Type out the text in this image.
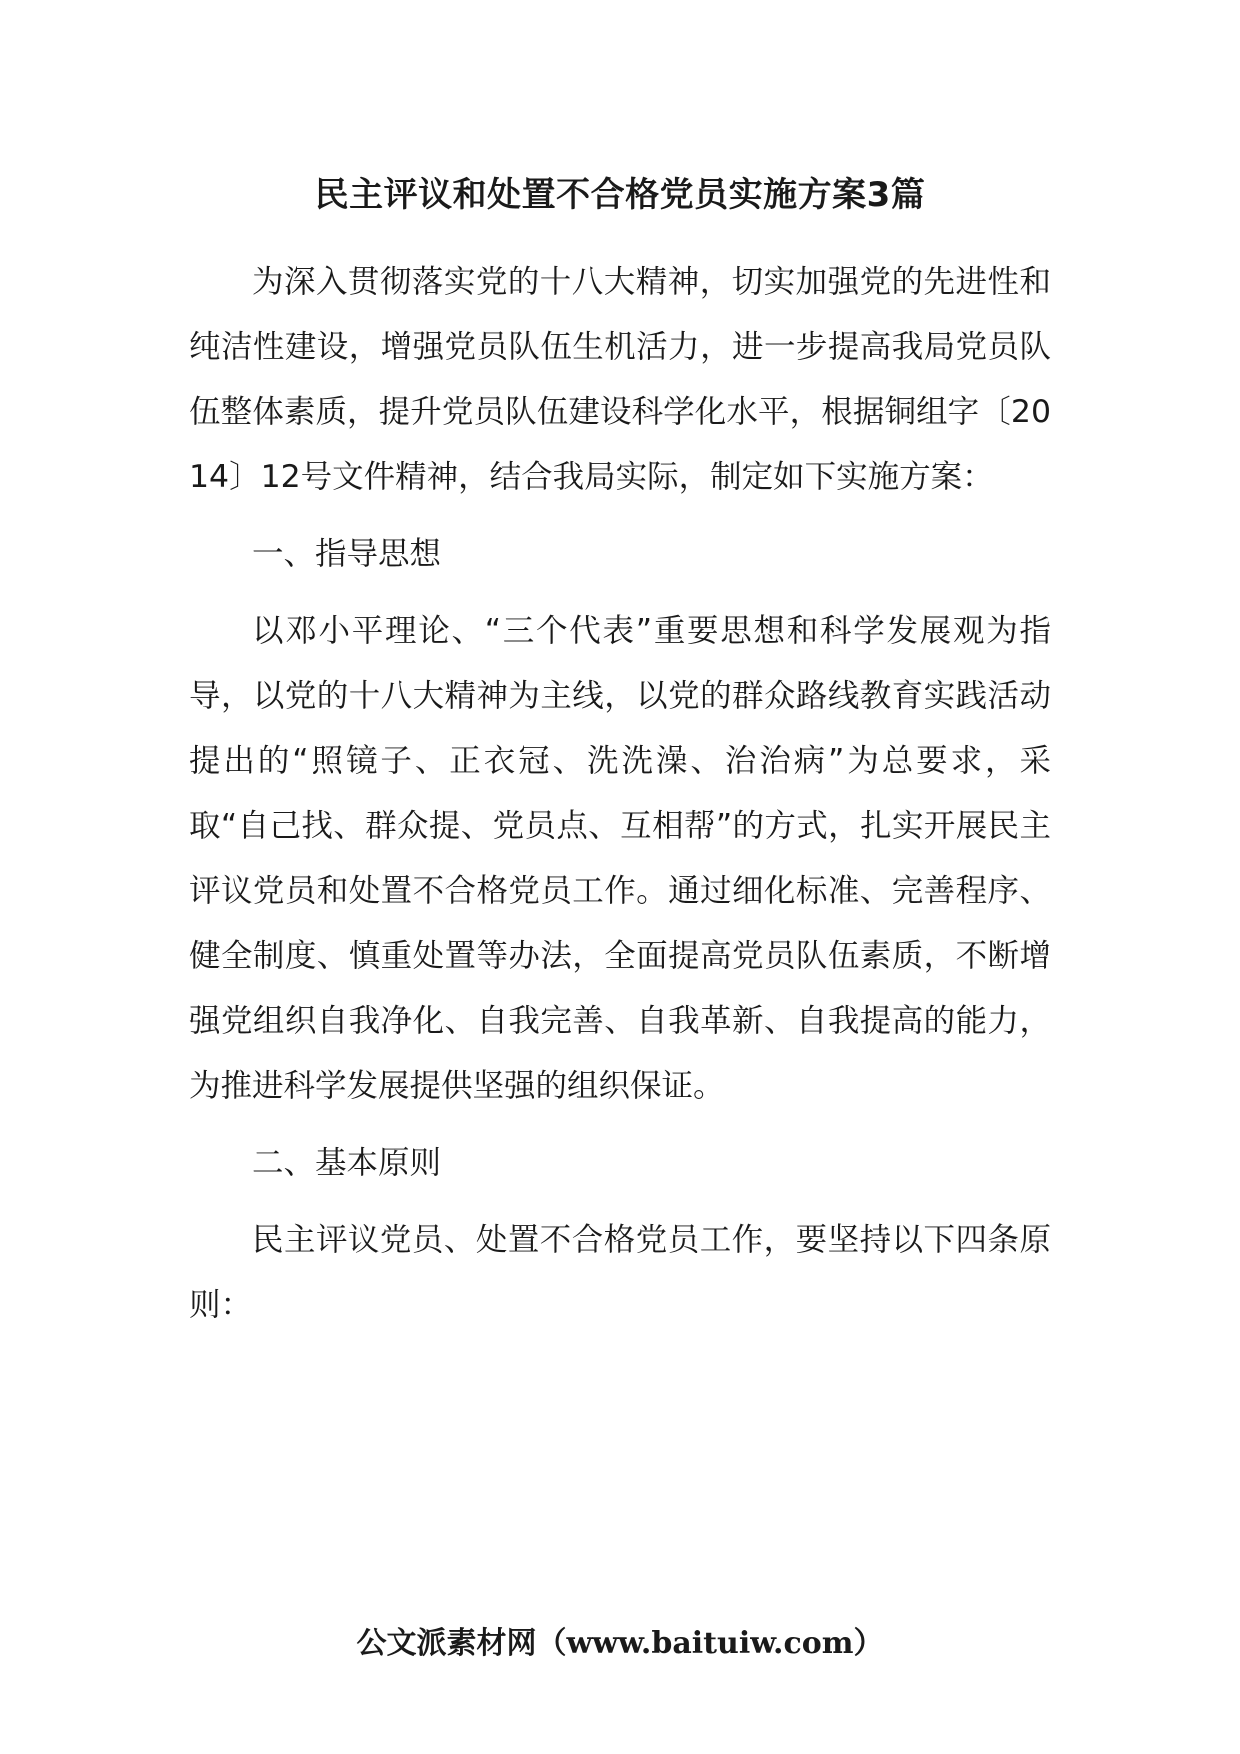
民主评议和处置不合格党员实施方案3篇

为深入贯彻落实党的十八大精神，切实加强党的先进性和纯洁性建设，增强党员队伍生机活力，进一步提高我局党员队伍整体素质，提升党员队伍建设科学化水平，根据铜组字〔2014〕12号文件精神，结合我局实际，制定如下实施方案：

一、指导思想

以邓小平理论、“三个代表”重要思想和科学发展观为指导，以党的十八大精神为主线，以党的群众路线教育实践活动提出的“照镜子、正衣冠、洗洗澡、治治病”为总要求，采取“自己找、群众提、党员点、互相帮”的方式，扎实开展民主评议党员和处置不合格党员工作。通过细化标准、完善程序、健全制度、慎重处置等办法，全面提高党员队伍素质，不断增强党组织自我净化、自我完善、自我革新、自我提高的能力，为推进科学发展提供坚强的组织保证。

二、基本原则

民主评议党员、处置不合格党员工作，要坚持以下四条原则：

公文派素材网（www.baituiw.com）
